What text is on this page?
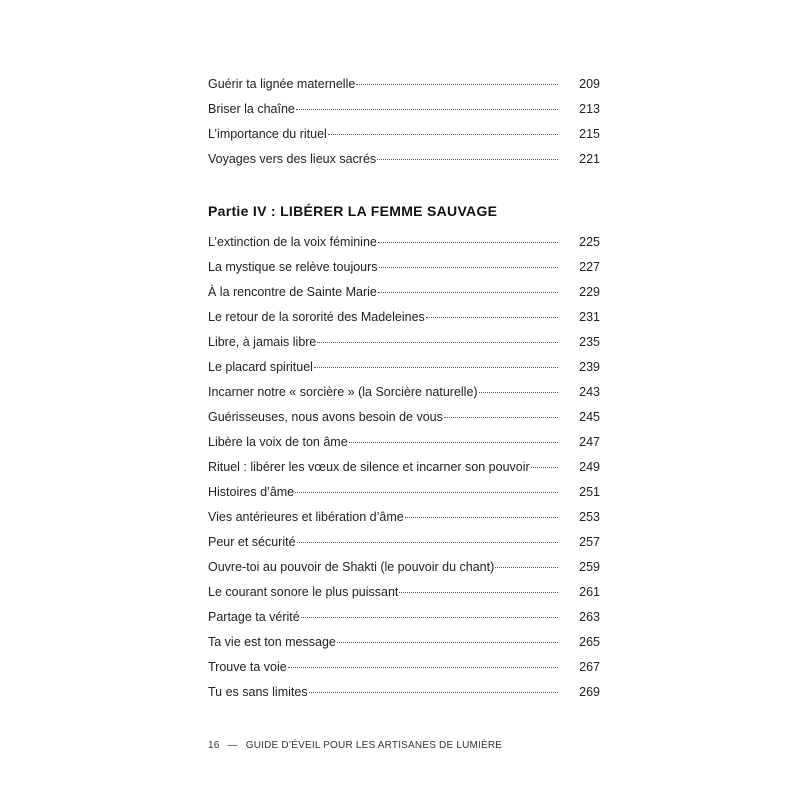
Guérir ta lignée maternelle	209
Briser la chaîne	213
L’importance du rituel	215
Voyages vers des lieux sacrés	221
Partie IV : LIBÉRER LA FEMME SAUVAGE
L’extinction de la voix féminine	225
La mystique se relève toujours	227
À la rencontre de Sainte Marie	229
Le retour de la sororité des Madeleines	231
Libre, à jamais libre	235
Le placard spirituel	239
Incarner notre « sorcière » (la Sorcière naturelle)	243
Guérisseuses, nous avons besoin de vous	245
Libère la voix de ton âme	247
Rituel : libérer les vœux de silence et incarner son pouvoir	249
Histoires d’âme	251
Vies antérieures et libération d’âme	253
Peur et sécurité	257
Ouvre-toi au pouvoir de Shakti (le pouvoir du chant)	259
Le courant sonore le plus puissant	261
Partage ta vérité	263
Ta vie est ton message	265
Trouve ta voie	267
Tu es sans limites	269
16 — GUIDE D’ÉVEIL POUR LES ARTISANES DE LUMIÈRE
